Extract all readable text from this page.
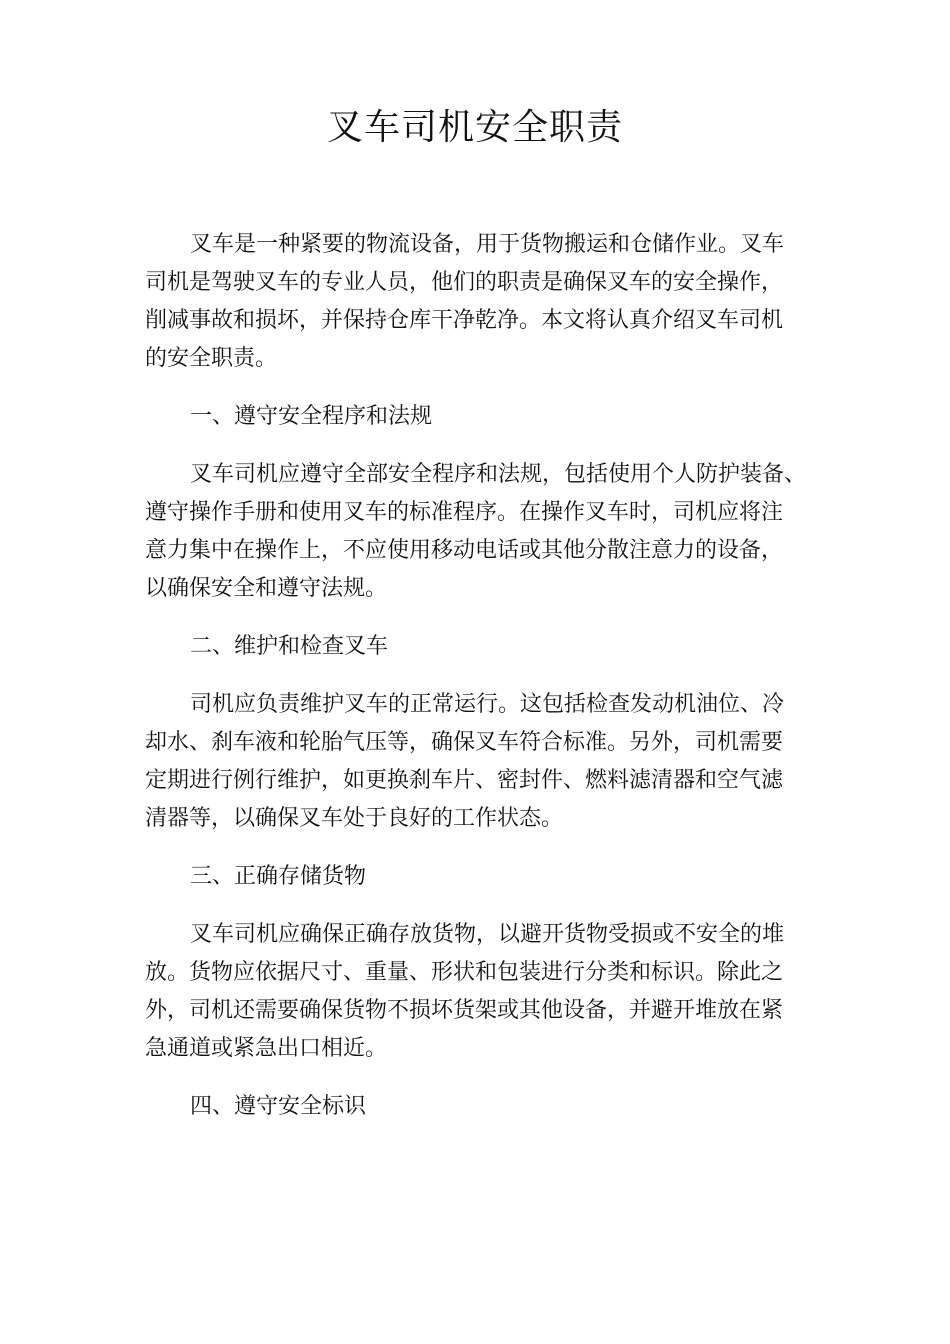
叉车司机安全职责

叉车是一种紧要的物流设备，用于货物搬运和仓储作业。叉车

司机是驾驶叉车的专业人员，他们的职责是确保叉车的安全操作，

削减事故和损坏，并保持仓库干净乾净。本文将认真介绍叉车司机

的安全职责。

一、遵守安全程序和法规

叉车司机应遵守全部安全程序和法规，包括使用个人防护装备、

遵守操作手册和使用叉车的标准程序。在操作叉车时，司机应将注

意力集中在操作上，不应使用移动电话或其他分散注意力的设备，

以确保安全和遵守法规。

二、维护和检查叉车

司机应负责维护叉车的正常运行。这包括检查发动机油位、冷

却水、刹车液和轮胎气压等，确保叉车符合标准。另外，司机需要

定期进行例行维护，如更换刹车片、密封件、燃料滤清器和空气滤

清器等，以确保叉车处于良好的工作状态。

三、正确存储货物

叉车司机应确保正确存放货物，以避开货物受损或不安全的堆

放。货物应依据尺寸、重量、形状和包装进行分类和标识。除此之

外，司机还需要确保货物不损坏货架或其他设备，并避开堆放在紧

急通道或紧急出口相近。

四、遵守安全标识
